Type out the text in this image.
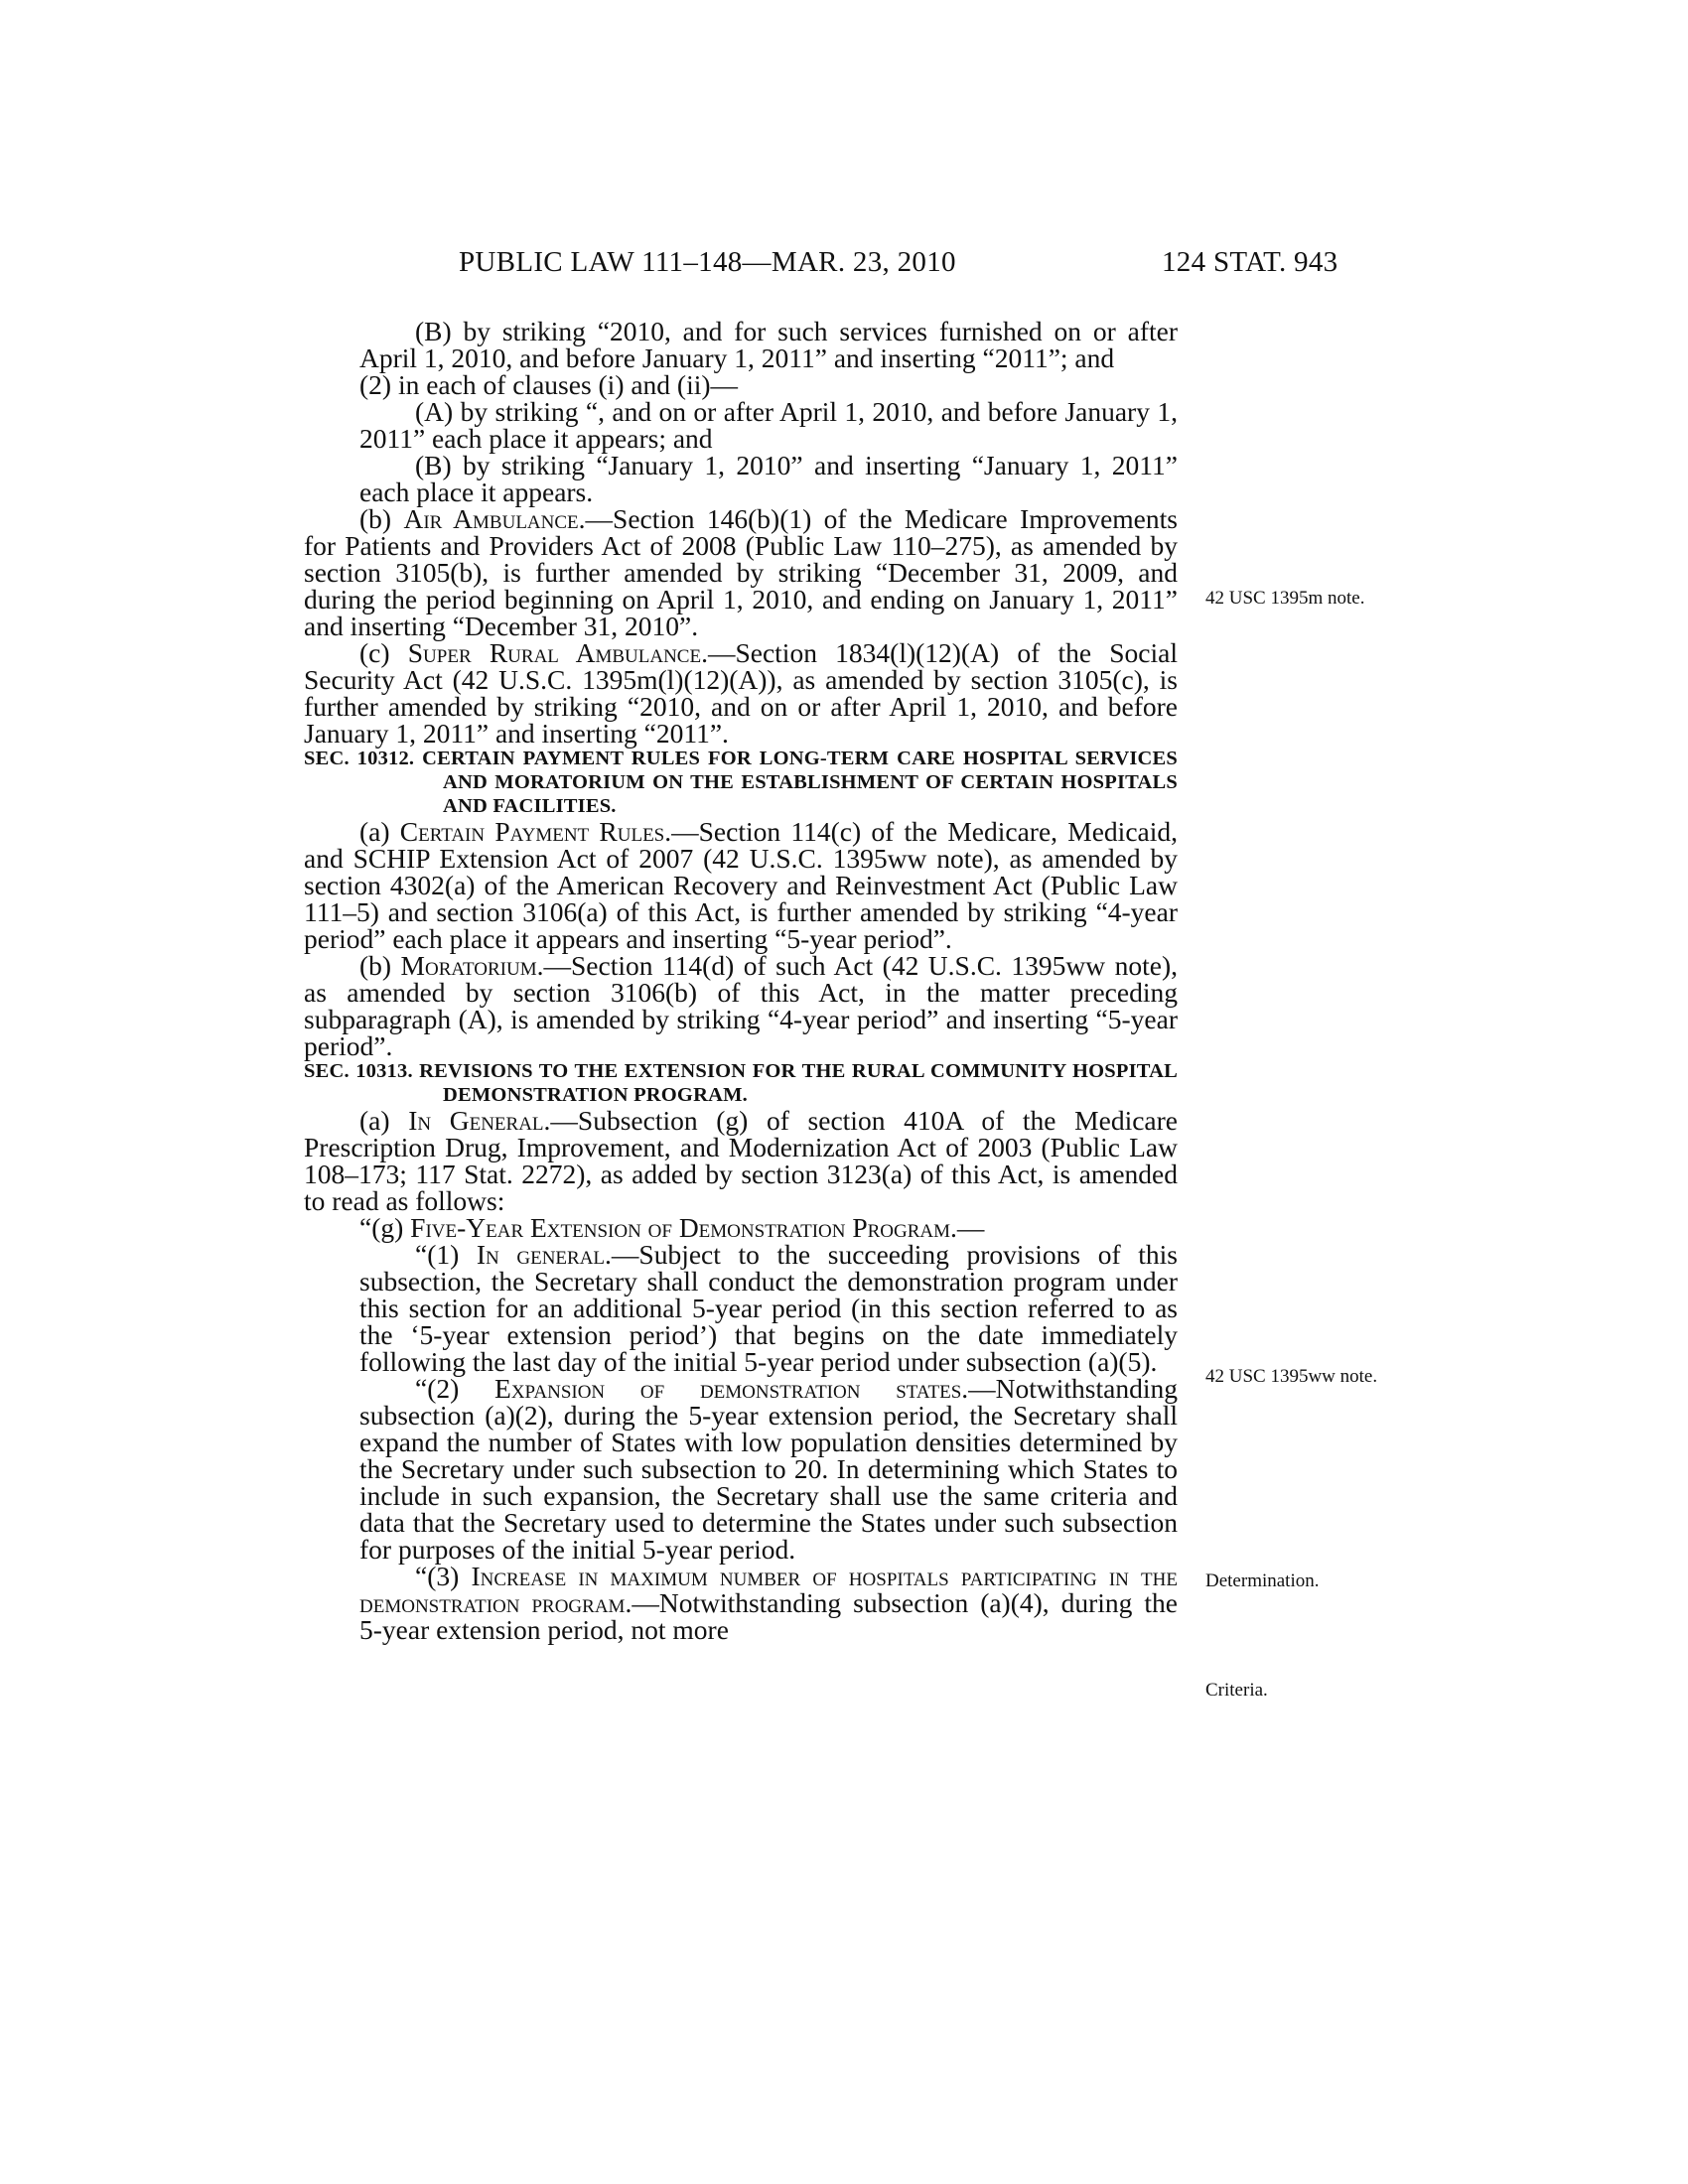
PUBLIC LAW 111–148—MAR. 23, 2010	124 STAT. 943

(B) by striking “2010, and for such services furnished on or after April 1, 2010, and before January 1, 2011” and inserting “2011”; and

(2) in each of clauses (i) and (ii)—

(A) by striking “, and on or after April 1, 2010, and before January 1, 2011” each place it appears; and

(B) by striking “January 1, 2010” and inserting “January 1, 2011” each place it appears.

(b) Air Ambulance.—Section 146(b)(1) of the Medicare Improvements for Patients and Providers Act of 2008 (Public Law 110–275), as amended by section 3105(b), is further amended by striking “December 31, 2009, and during the period beginning on April 1, 2010, and ending on January 1, 2011” and inserting “December 31, 2010”.

(c) Super Rural Ambulance.—Section 1834(l)(12)(A) of the Social Security Act (42 U.S.C. 1395m(l)(12)(A)), as amended by section 3105(c), is further amended by striking “2010, and on or after April 1, 2010, and before January 1, 2011” and inserting “2011”.

SEC. 10312. CERTAIN PAYMENT RULES FOR LONG-TERM CARE HOSPITAL SERVICES AND MORATORIUM ON THE ESTABLISHMENT OF CERTAIN HOSPITALS AND FACILITIES.

(a) Certain Payment Rules.—Section 114(c) of the Medicare, Medicaid, and SCHIP Extension Act of 2007 (42 U.S.C. 1395ww note), as amended by section 4302(a) of the American Recovery and Reinvestment Act (Public Law 111–5) and section 3106(a) of this Act, is further amended by striking “4-year period” each place it appears and inserting “5-year period”.

(b) Moratorium.—Section 114(d) of such Act (42 U.S.C. 1395ww note), as amended by section 3106(b) of this Act, in the matter preceding subparagraph (A), is amended by striking “4-year period” and inserting “5-year period”.

SEC. 10313. REVISIONS TO THE EXTENSION FOR THE RURAL COMMUNITY HOSPITAL DEMONSTRATION PROGRAM.

(a) In General.—Subsection (g) of section 410A of the Medicare Prescription Drug, Improvement, and Modernization Act of 2003 (Public Law 108–173; 117 Stat. 2272), as added by section 3123(a) of this Act, is amended to read as follows:

“(g) Five-Year Extension of Demonstration Program.—

“(1) In general.—Subject to the succeeding provisions of this subsection, the Secretary shall conduct the demonstration program under this section for an additional 5-year period (in this section referred to as the ‘5-year extension period’) that begins on the date immediately following the last day of the initial 5-year period under subsection (a)(5).

“(2) Expansion of demonstration states.—Notwithstanding subsection (a)(2), during the 5-year extension period, the Secretary shall expand the number of States with low population densities determined by the Secretary under such subsection to 20. In determining which States to include in such expansion, the Secretary shall use the same criteria and data that the Secretary used to determine the States under such subsection for purposes of the initial 5-year period.

“(3) Increase in maximum number of hospitals participating in the demonstration program.—Notwithstanding subsection (a)(4), during the 5-year extension period, not more

42 USC 1395m note.
42 USC 1395ww note.
Determination.
Criteria.
